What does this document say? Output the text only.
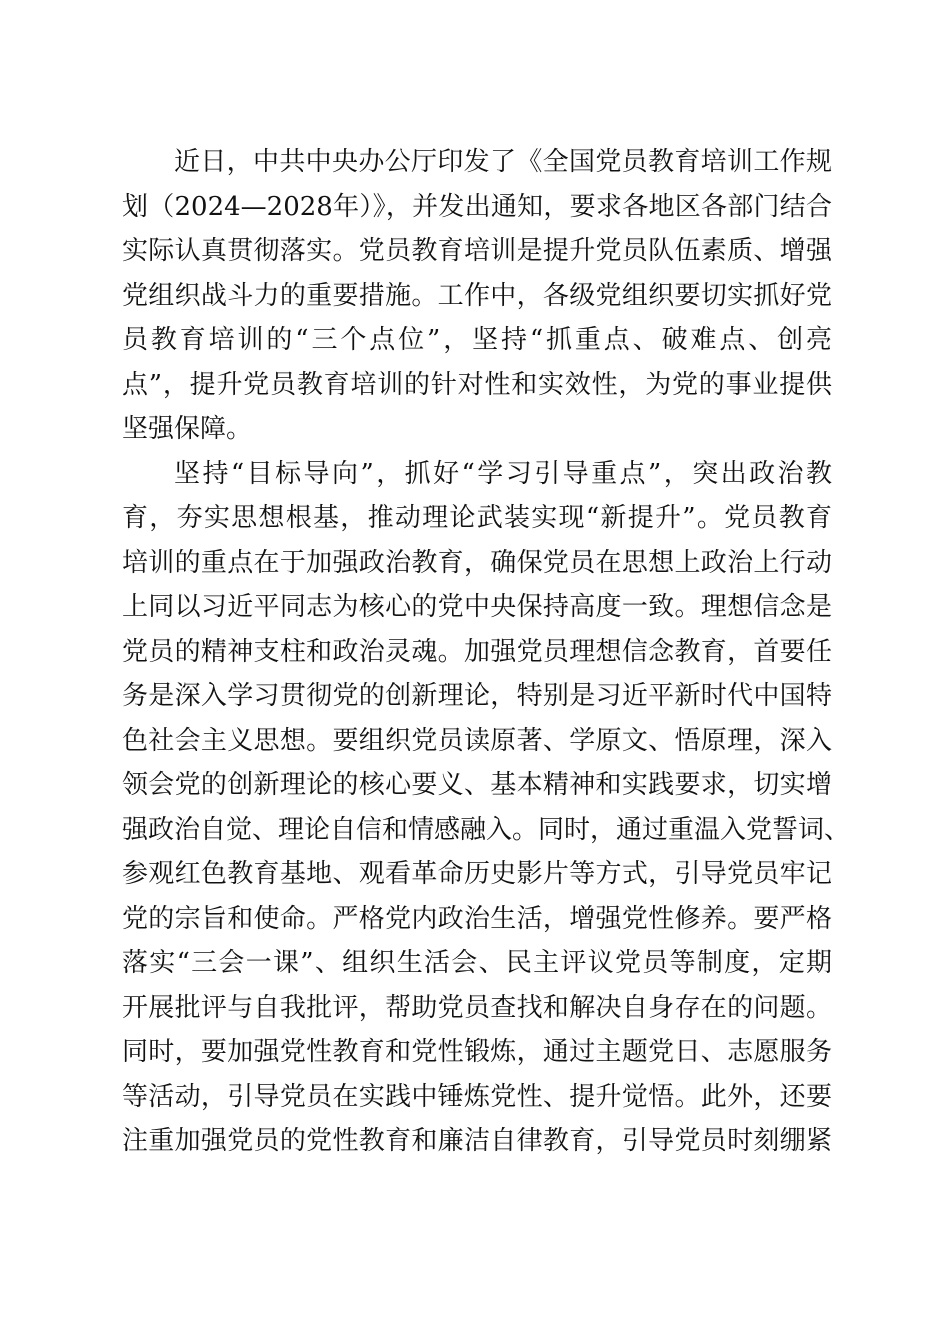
近日，中共中央办公厅印发了《全国党员教育培训工作规
划（2024—2028年）》，并发出通知，要求各地区各部门结合
实际认真贯彻落实。党员教育培训是提升党员队伍素质、增强
党组织战斗力的重要措施。工作中，各级党组织要切实抓好党
员教育培训的“三个点位”，坚持“抓重点、破难点、创亮
点”，提升党员教育培训的针对性和实效性，为党的事业提供
坚强保障。
坚持“目标导向”，抓好“学习引导重点”，突出政治教
育，夯实思想根基，推动理论武装实现“新提升”。党员教育
培训的重点在于加强政治教育，确保党员在思想上政治上行动
上同以习近平同志为核心的党中央保持高度一致。理想信念是
党员的精神支柱和政治灵魂。加强党员理想信念教育，首要任
务是深入学习贯彻党的创新理论，特别是习近平新时代中国特
色社会主义思想。要组织党员读原著、学原文、悟原理，深入
领会党的创新理论的核心要义、基本精神和实践要求，切实增
强政治自觉、理论自信和情感融入。同时，通过重温入党誓词、
参观红色教育基地、观看革命历史影片等方式，引导党员牢记
党的宗旨和使命。严格党内政治生活，增强党性修养。要严格
落实“三会一课”、组织生活会、民主评议党员等制度，定期
开展批评与自我批评，帮助党员查找和解决自身存在的问题。
同时，要加强党性教育和党性锻炼，通过主题党日、志愿服务
等活动，引导党员在实践中锤炼党性、提升觉悟。此外，还要
注重加强党员的党性教育和廉洁自律教育，引导党员时刻绷紧
